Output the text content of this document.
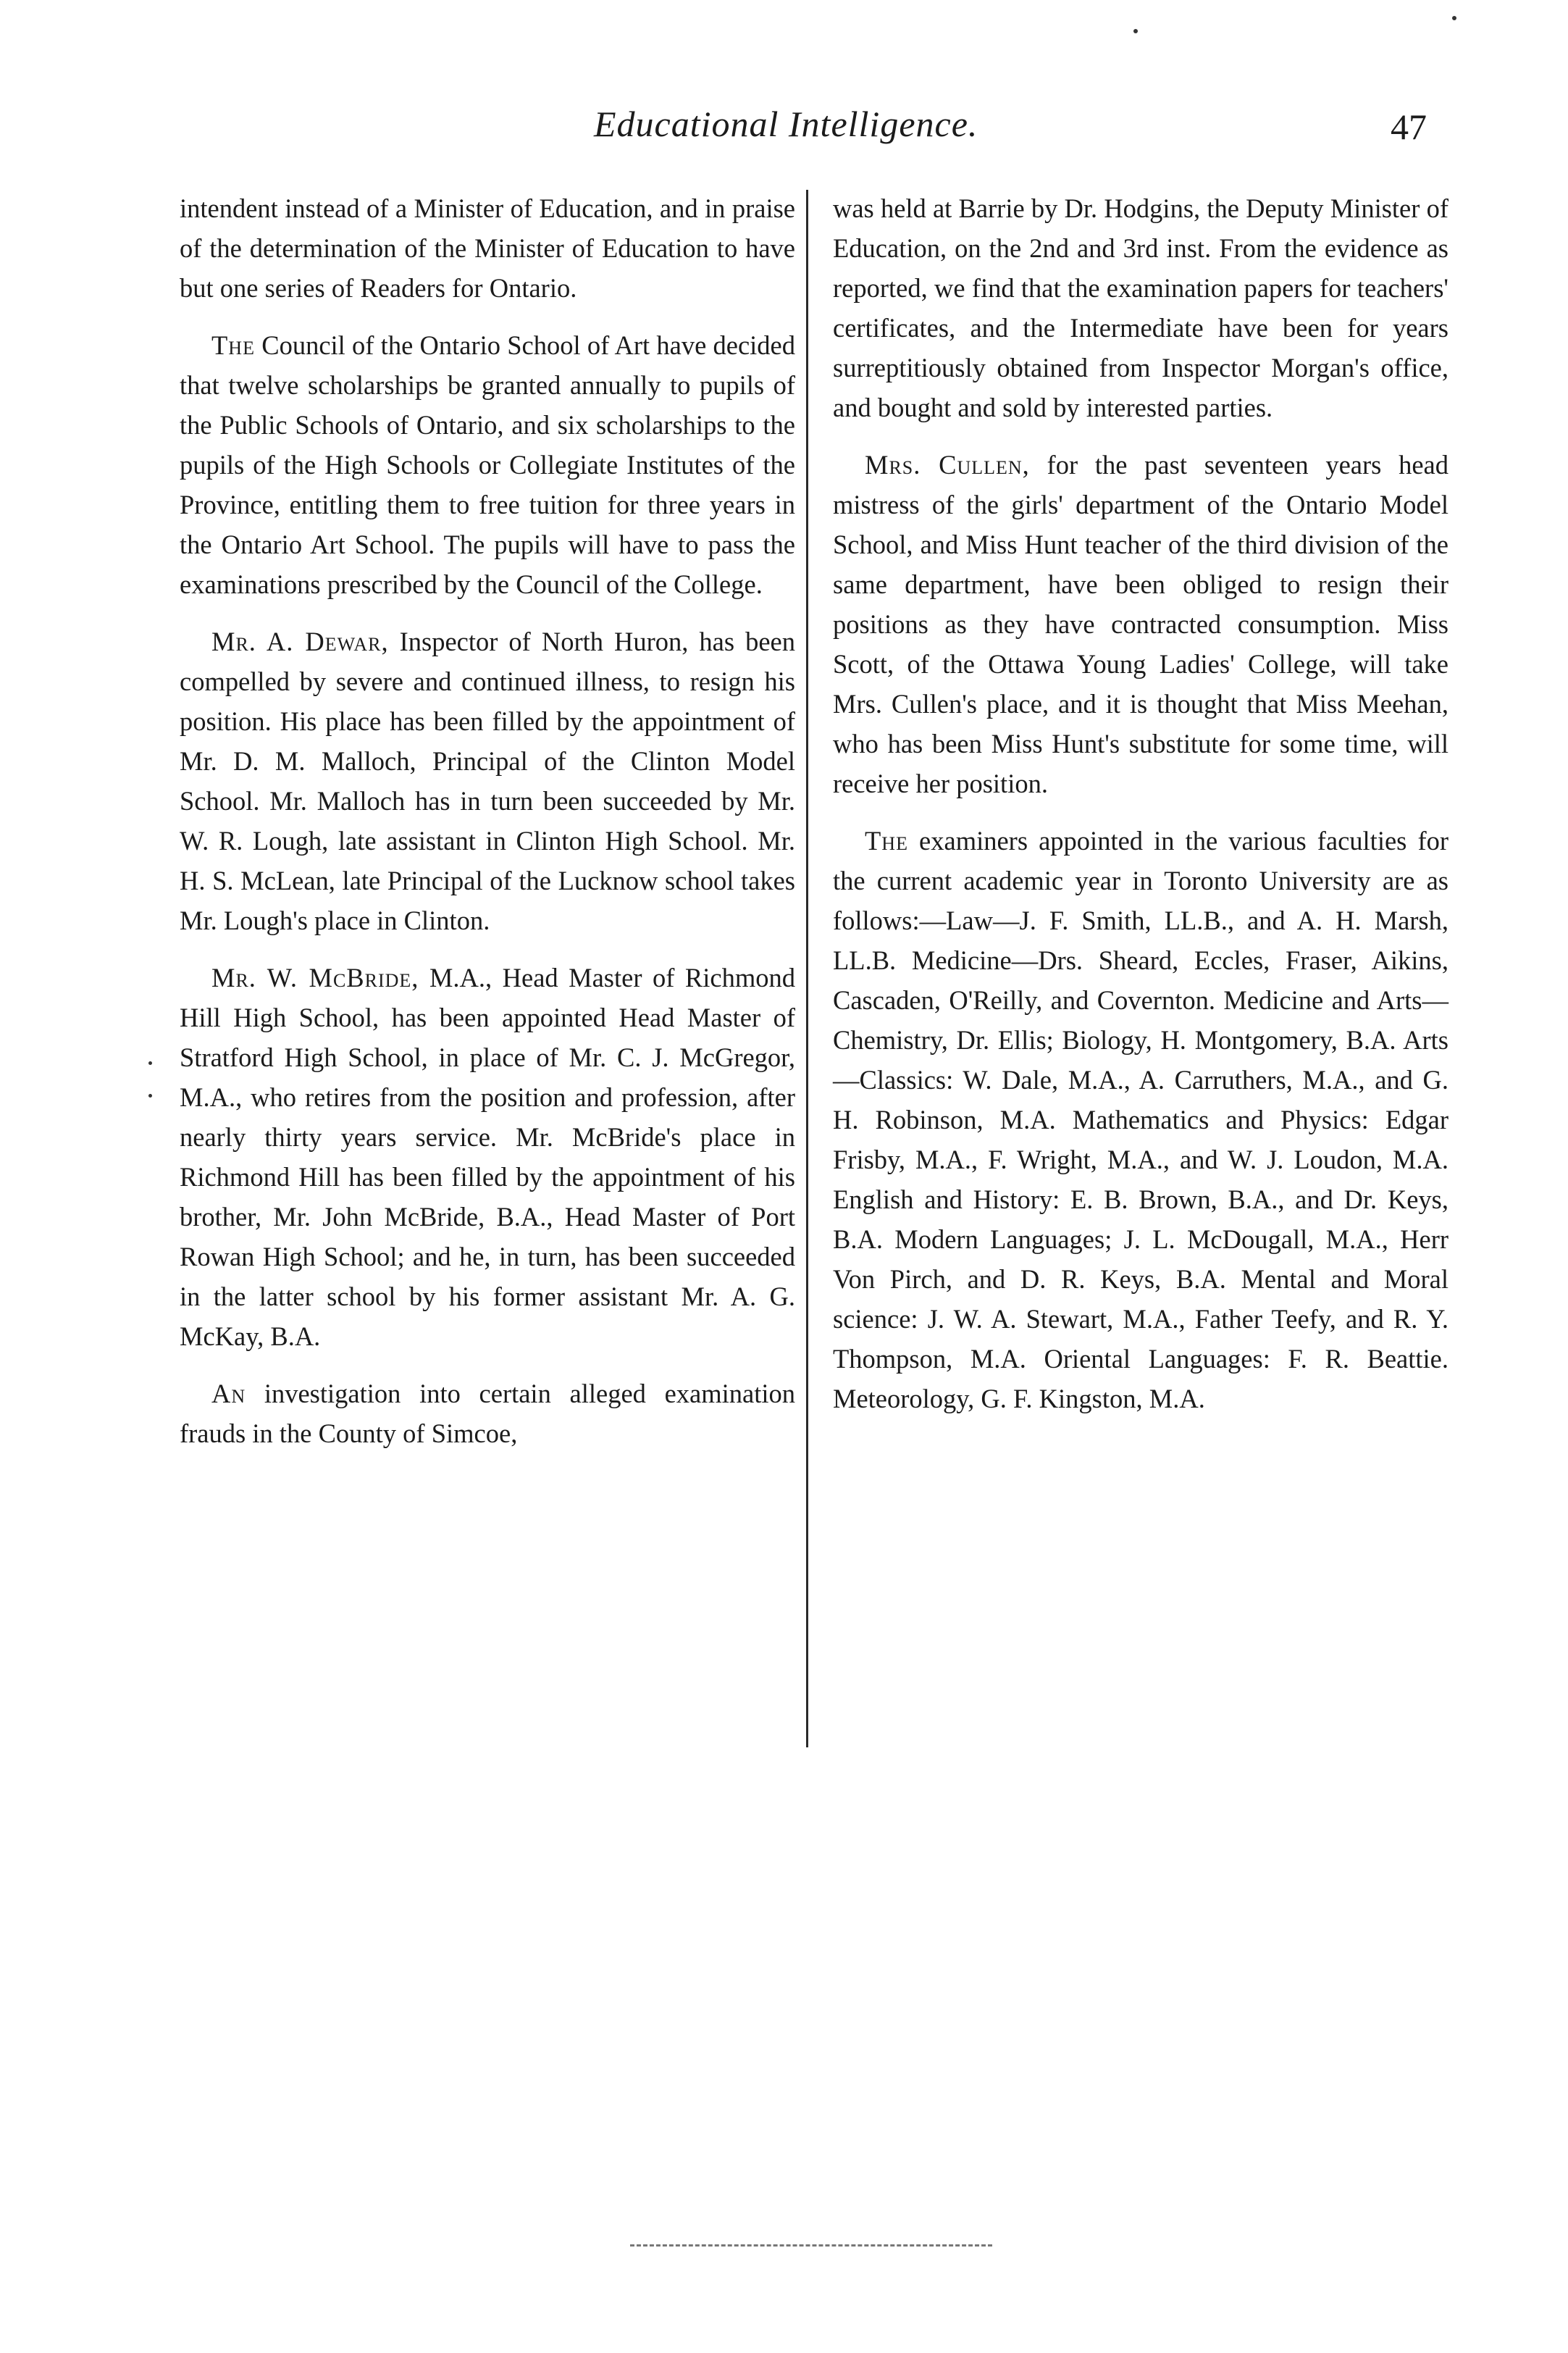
Educational Intelligence.	47

intendent instead of a Minister of Education, and in praise of the determination of the Minister of Education to have but one series of Readers for Ontario.

The Council of the Ontario School of Art have decided that twelve scholarships be granted annually to pupils of the Public Schools of Ontario, and six scholarships to the pupils of the High Schools or Collegiate Institutes of the Province, entitling them to free tuition for three years in the Ontario Art School. The pupils will have to pass the examinations prescribed by the Council of the College.

Mr. A. Dewar, Inspector of North Huron, has been compelled by severe and continued illness, to resign his position. His place has been filled by the appointment of Mr. D. M. Malloch, Principal of the Clinton Model School. Mr. Malloch has in turn been succeeded by Mr. W. R. Lough, late assistant in Clinton High School. Mr. H. S. McLean, late Principal of the Lucknow school takes Mr. Lough's place in Clinton.

Mr. W. McBride, M.A., Head Master of Richmond Hill High School, has been appointed Head Master of Stratford High School, in place of Mr. C. J. McGregor, M.A., who retires from the position and profession, after nearly thirty years service. Mr. McBride's place in Richmond Hill has been filled by the appointment of his brother, Mr. John McBride, B.A., Head Master of Port Rowan High School; and he, in turn, has been succeeded in the latter school by his former assistant Mr. A. G. McKay, B.A.

An investigation into certain alleged examination frauds in the County of Simcoe,

was held at Barrie by Dr. Hodgins, the Deputy Minister of Education, on the 2nd and 3rd inst. From the evidence as reported, we find that the examination papers for teachers' certificates, and the Intermediate have been for years surreptitiously obtained from Inspector Morgan's office, and bought and sold by interested parties.

Mrs. Cullen, for the past seventeen years head mistress of the girls' department of the Ontario Model School, and Miss Hunt teacher of the third division of the same department, have been obliged to resign their positions as they have contracted consumption. Miss Scott, of the Ottawa Young Ladies' College, will take Mrs. Cullen's place, and it is thought that Miss Meehan, who has been Miss Hunt's substitute for some time, will receive her position.

The examiners appointed in the various faculties for the current academic year in Toronto University are as follows:—Law—J. F. Smith, LL.B., and A. H. Marsh, LL.B. Medicine—Drs. Sheard, Eccles, Fraser, Aikins, Cascaden, O'Reilly, and Covernton. Medicine and Arts—Chemistry, Dr. Ellis; Biology, H. Montgomery, B.A. Arts—Classics: W. Dale, M.A., A. Carruthers, M.A., and G. H. Robinson, M.A. Mathematics and Physics: Edgar Frisby, M.A., F. Wright, M.A., and W. J. Loudon, M.A. English and History: E. B. Brown, B.A., and Dr. Keys, B.A. Modern Languages; J. L. McDougall, M.A., Herr Von Pirch, and D. R. Keys, B.A. Mental and Moral science: J. W. A. Stewart, M.A., Father Teefy, and R. Y. Thompson, M.A. Oriental Languages: F. R. Beattie. Meteorology, G. F. Kingston, M.A.
